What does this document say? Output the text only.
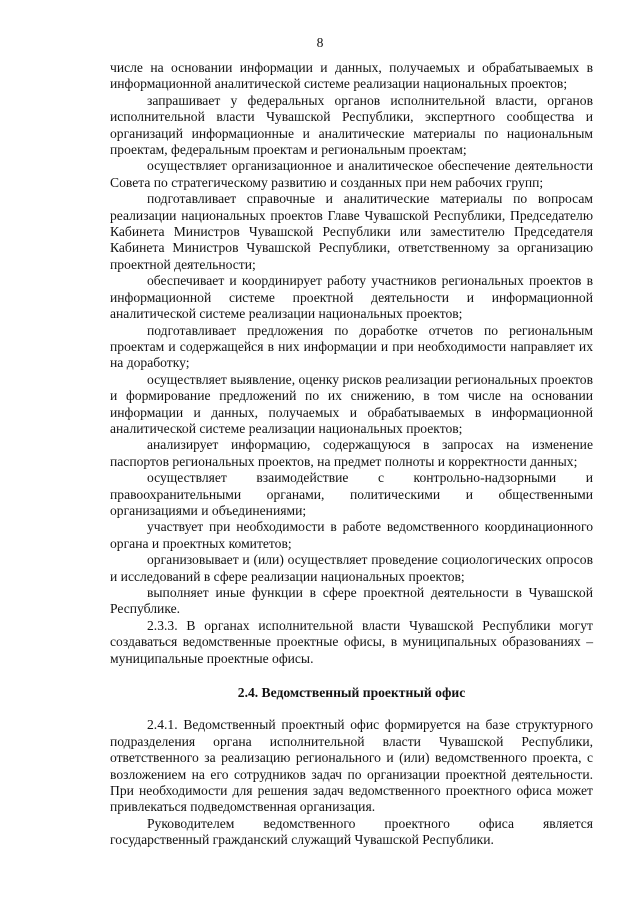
8

числе на основании информации и данных, получаемых и обрабатываемых в информационной аналитической системе реализации национальных проектов;

запрашивает у федеральных органов исполнительной власти, органов исполнительной власти Чувашской Республики, экспертного сообщества и организаций информационные и аналитические материалы по национальным проектам, федеральным проектам и региональным проектам;

осуществляет организационное и аналитическое обеспечение деятельности Совета по стратегическому развитию и созданных при нем рабочих групп;

подготавливает справочные и аналитические материалы по вопросам реализации национальных проектов Главе Чувашской Республики, Председателю Кабинета Министров Чувашской Республики или заместителю Председателя Кабинета Министров Чувашской Республики, ответственному за организацию проектной деятельности;

обеспечивает и координирует работу участников региональных проектов в информационной системе проектной деятельности и информационной аналитической системе реализации национальных проектов;

подготавливает предложения по доработке отчетов по региональным проектам и содержащейся в них информации и при необходимости направляет их на доработку;

осуществляет выявление, оценку рисков реализации региональных проектов и формирование предложений по их снижению, в том числе на основании информации и данных, получаемых и обрабатываемых в информационной аналитической системе реализации национальных проектов;

анализирует информацию, содержащуюся в запросах на изменение паспортов региональных проектов, на предмет полноты и корректности данных;

осуществляет взаимодействие с контрольно-надзорными и правоохранительными органами, политическими и общественными организациями и объединениями;

участвует при необходимости в работе ведомственного координационного органа и проектных комитетов;

организовывает и (или) осуществляет проведение социологических опросов и исследований в сфере реализации национальных проектов;

выполняет иные функции в сфере проектной деятельности в Чувашской Республике.

2.3.3. В органах исполнительной власти Чувашской Республики могут создаваться ведомственные проектные офисы, в муниципальных образованиях – муниципальные проектные офисы.

2.4. Ведомственный проектный офис

2.4.1. Ведомственный проектный офис формируется на базе структурного подразделения органа исполнительной власти Чувашской Республики, ответственного за реализацию регионального и (или) ведомственного проекта, с возложением на его сотрудников задач по организации проектной деятельности. При необходимости для решения задач ведомственного проектного офиса может привлекаться подведомственная организация.

Руководителем ведомственного проектного офиса является государственный гражданский служащий Чувашской Республики.
